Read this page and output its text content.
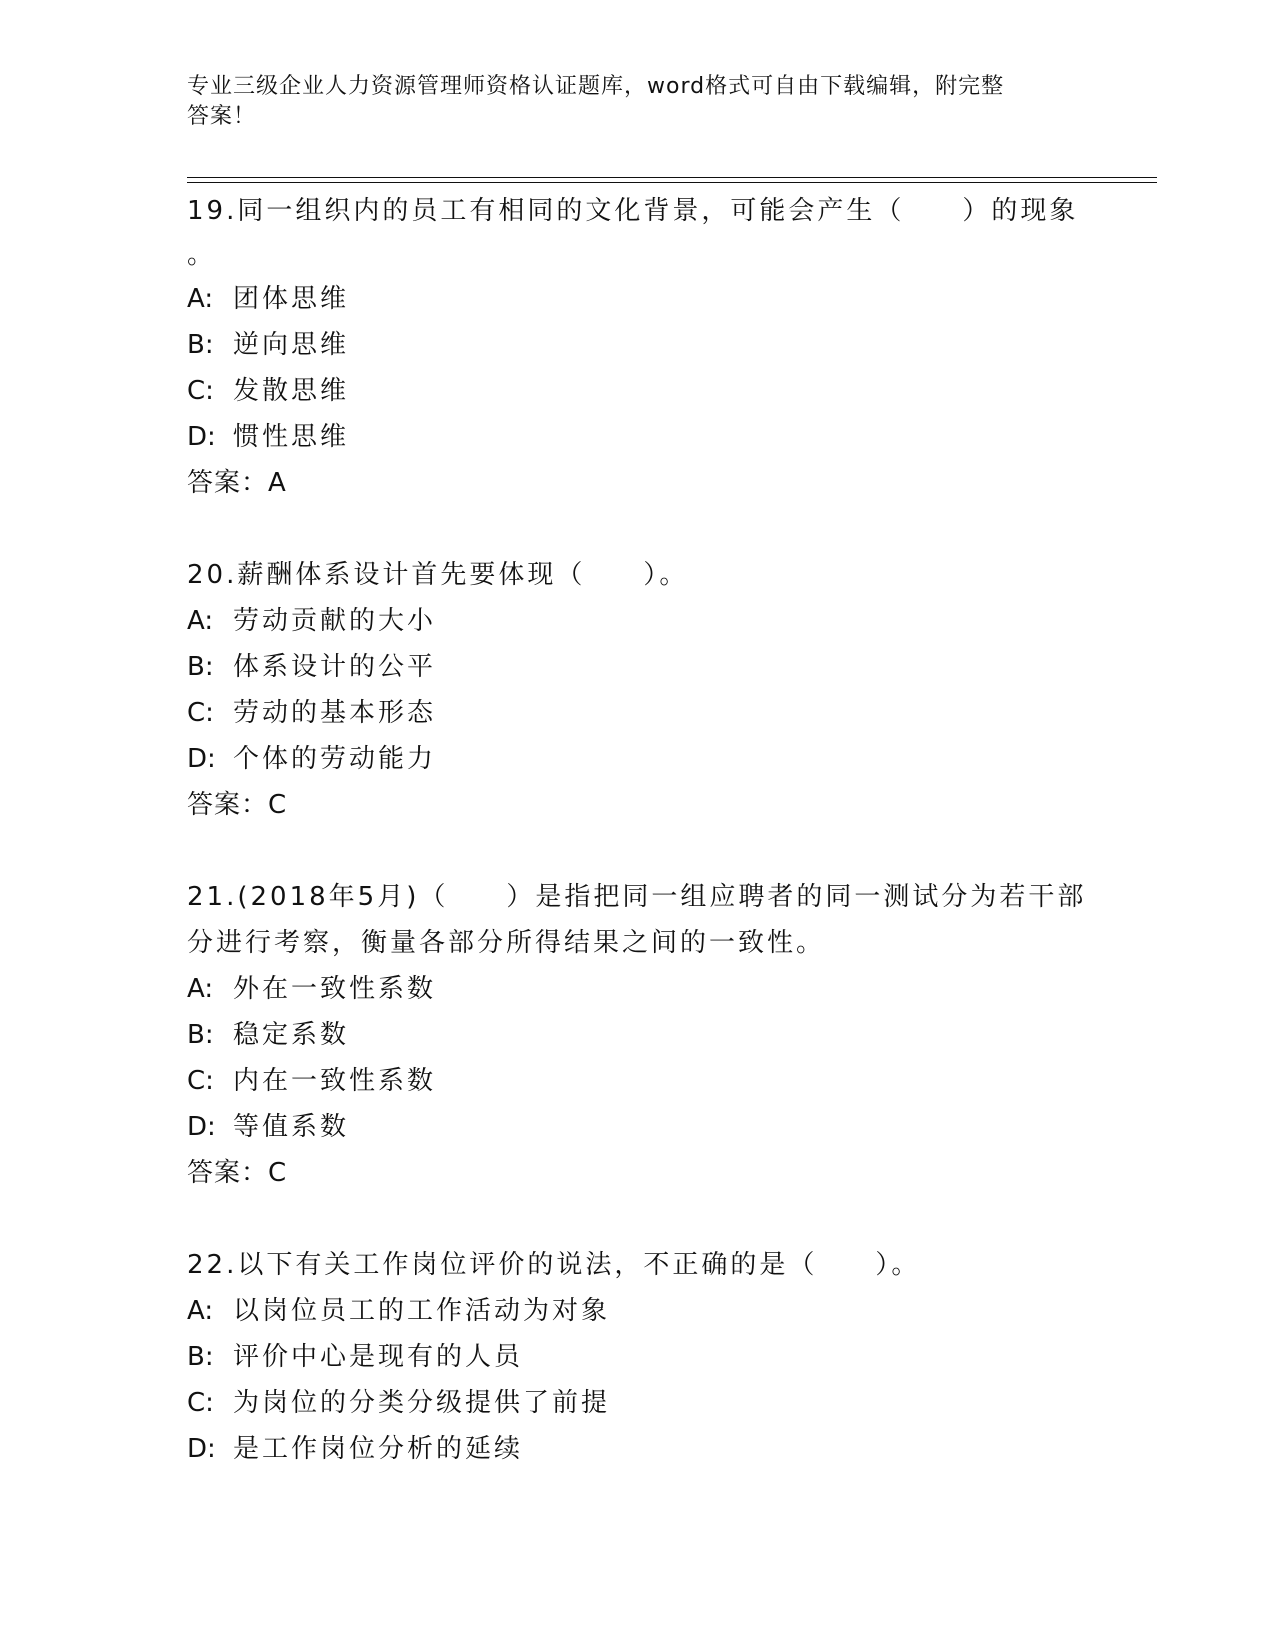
专业三级企业人力资源管理师资格认证题库，word格式可自由下载编辑，附完整
答案！

19.同一组织内的员工有相同的文化背景，可能会产生（　　）的现象

。

A: 团体思维
B: 逆向思维
C: 发散思维
D: 惯性思维

答案：A

20.薪酬体系设计首先要体现（　　）。

A: 劳动贡献的大小
B: 体系设计的公平
C: 劳动的基本形态
D: 个体的劳动能力

答案：C

21.(2018年5月)（　　）是指把同一组应聘者的同一测试分为若干部

分进行考察，衡量各部分所得结果之间的一致性。

A: 外在一致性系数
B: 稳定系数
C: 内在一致性系数
D: 等值系数

答案：C

22.以下有关工作岗位评价的说法，不正确的是（　　）。

A: 以岗位员工的工作活动为对象
B: 评价中心是现有的人员
C: 为岗位的分类分级提供了前提
D: 是工作岗位分析的延续
